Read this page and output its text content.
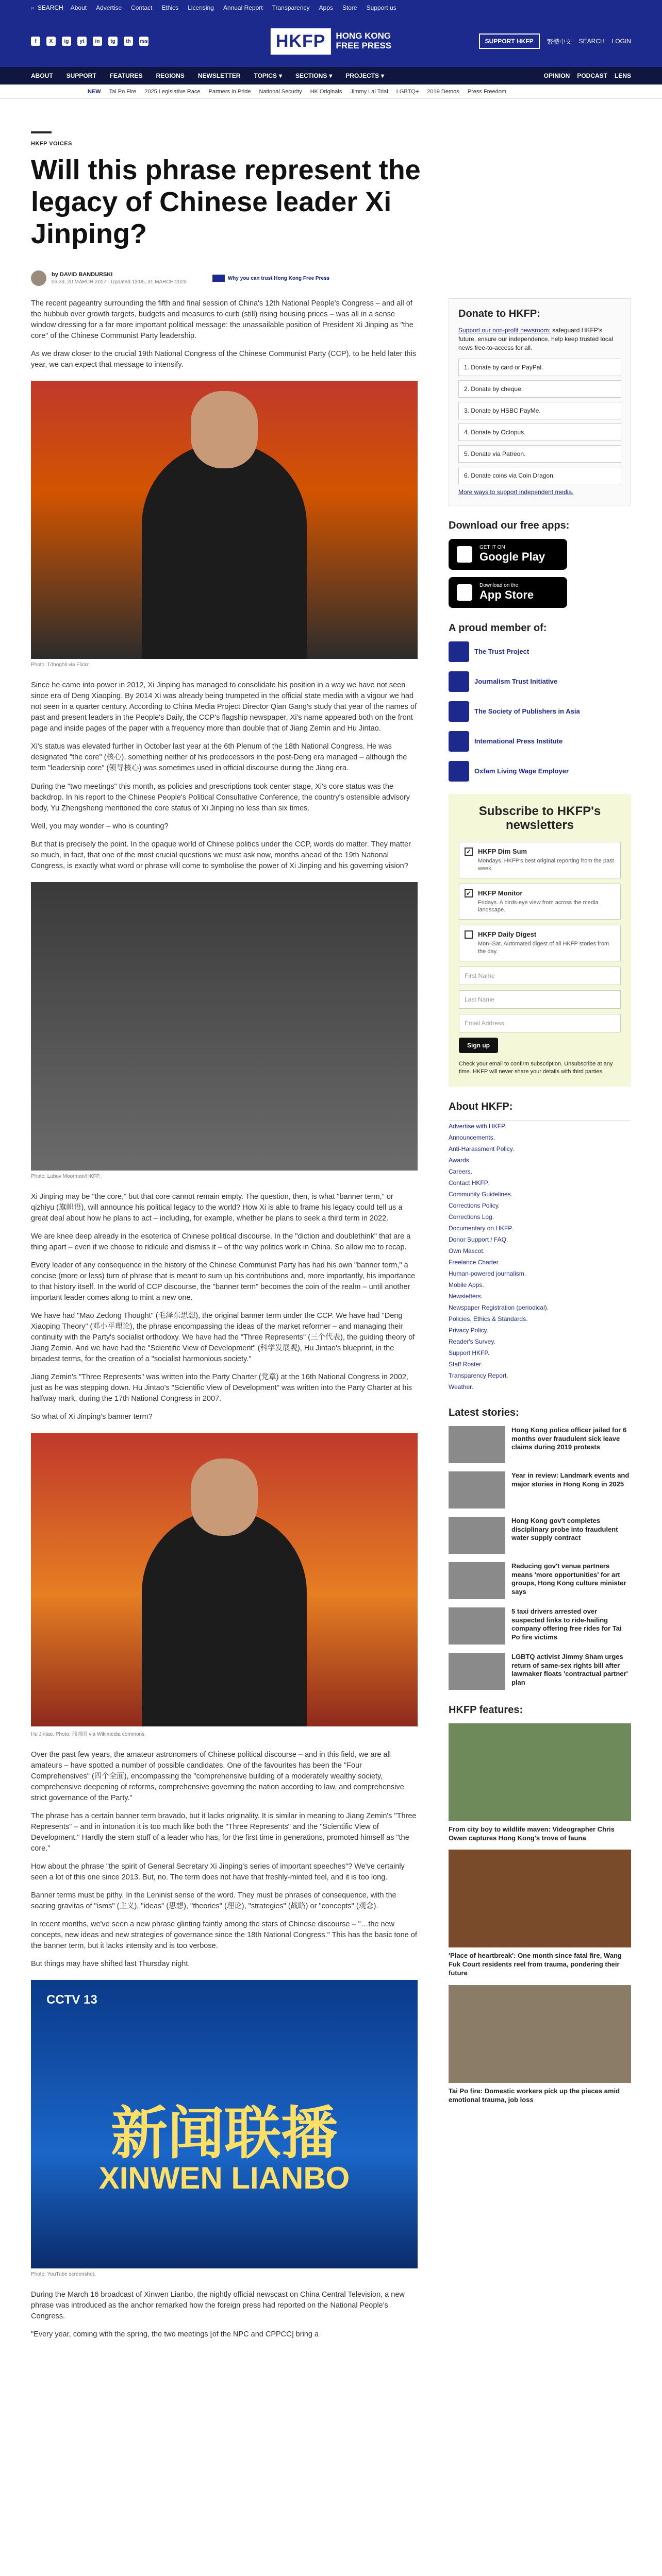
⌕ SEARCH About Advertise Contact Ethics Licensing Annual Report Transparency Apps Store Support us
f	X	ig	yt	in	tg	th	rss	HKFP	HONG KONG
FREE PRESS	SUPPORT HKFP	繁體中文 SEARCH LOGIN
ABOUT SUPPORT FEATURES REGIONS NEWSLETTER TOPICS ▾ SECTIONS ▾ PROJECTS ▾	OPINION PODCAST LENS
NEW Tai Po Fire 2025 Legislative Race Partners in Pride National Security HK Originals Jimmy Lai Trial LGBTQ+ 2019 Demos Press Freedom
HKFP VOICES
Will this phrase represent the legacy of Chinese leader Xi Jinping?
by DAVID BANDURSKI
06:39, 20 MARCH 2017 · Updated 13:05, 31 MARCH 2020
Why you can trust Hong Kong Free Press

The recent pageantry surrounding the fifth and final session of China's 12th National People's Congress – and all of the hubbub over growth targets, budgets and measures to curb (still) rising housing prices – was all in a sense window dressing for a far more important political message: the unassailable position of President Xi Jinping as "the core" of the Chinese Communist Party leadership.

As we draw closer to the crucial 19th National Congress of the Chinese Communist Party (CCP), to be held later this year, we can expect that message to intensify.

Photo: Tdhoghli via Flickr.

Since he came into power in 2012, Xi Jinping has managed to consolidate his position in a way we have not seen since era of Deng Xiaoping. By 2014 Xi was already being trumpeted in the official state media with a vigour we had not seen in a quarter century. According to China Media Project Director Qian Gang's study that year of the names of past and present leaders in the People's Daily, the CCP's flagship newspaper, Xi's name appeared both on the front page and inside pages of the paper with a frequency more than double that of Jiang Zemin and Hu Jintao.

Xi's status was elevated further in October last year at the 6th Plenum of the 18th National Congress. He was designated "the core" (核心), something neither of his predecessors in the post-Deng era managed – although the term "leadership core" (领导核心) was sometimes used in official discourse during the Jiang era.

During the "two meetings" this month, as policies and prescriptions took center stage, Xi's core status was the backdrop. In his report to the Chinese People's Political Consultative Conference, the country's ostensible advisory body, Yu Zhengsheng mentioned the core status of Xi Jinping no less than six times.

Well, you may wonder – who is counting?

But that is precisely the point. In the opaque world of Chinese politics under the CCP, words do matter. They matter so much, in fact, that one of the most crucial questions we must ask now, months ahead of the 19th National Congress, is exactly what word or phrase will come to symbolise the power of Xi Jinping and his governing vision?

Photo: Lubov Moorman/HKFP.

Xi Jinping may be "the core," but that core cannot remain empty. The question, then, is what "banner term," or qizhiyu (旗帜语), will announce his political legacy to the world? How Xi is able to frame his legacy could tell us a great deal about how he plans to act – including, for example, whether he plans to seek a third term in 2022.

We are knee deep already in the esoterica of Chinese political discourse. In the "diction and doublethink" that are a thing apart – even if we choose to ridicule and dismiss it – of the way politics work in China. So allow me to recap.

Every leader of any consequence in the history of the Chinese Communist Party has had his own "banner term," a concise (more or less) turn of phrase that is meant to sum up his contributions and, more importantly, his importance to that history itself. In the world of CCP discourse, the "banner term" becomes the coin of the realm – until another important leader comes along to mint a new one.

We have had "Mao Zedong Thought" (毛泽东思想), the original banner term under the CCP. We have had "Deng Xiaoping Theory" (邓小平理论), the phrase encompassing the ideas of the market reformer – and managing their continuity with the Party's socialist orthodoxy. We have had the "Three Represents" (三个代表), the guiding theory of Jiang Zemin. And we have had the "Scientific View of Development" (科学发展观), Hu Jintao's blueprint, in the broadest terms, for the creation of a "socialist harmonious society."

Jiang Zemin's "Three Represents" was written into the Party Charter (党章) at the 16th National Congress in 2002, just as he was stepping down. Hu Jintao's "Scientific View of Development" was written into the Party Charter at his halfway mark, during the 17th National Congress in 2007.

So what of Xi Jinping's banner term?

Hu Jintao. Photo: 瑞典国 via Wikimedia commons.

Over the past few years, the amateur astronomers of Chinese political discourse – and in this field, we are all amateurs – have spotted a number of possible candidates. One of the favourites has been the "Four Comprehensives" (四个全面), encompassing the "comprehensive building of a moderately wealthy society, comprehensive deepening of reforms, comprehensive governing the nation according to law, and comprehensive strict governance of the Party."

The phrase has a certain banner term bravado, but it lacks originality. It is similar in meaning to Jiang Zemin's "Three Represents" – and in intonation it is too much like both the "Three Represents" and the "Scientific View of Development." Hardly the stern stuff of a leader who has, for the first time in generations, promoted himself as "the core."

How about the phrase "the spirit of General Secretary Xi Jinping's series of important speeches"? We've certainly seen a lot of this one since 2013. But, no. The term does not have that freshly-minted feel, and it is too long.

Banner terms must be pithy. In the Leninist sense of the word. They must be phrases of consequence, with the soaring gravitas of "isms" (主义), "ideas" (思想), "theories" (理论), "strategies" (战略) or "concepts" (观念).

In recent months, we've seen a new phrase glinting faintly among the stars of Chinese discourse – "…the new concepts, new ideas and new strategies of governance since the 18th National Congress." This has the basic tone of the banner term, but it lacks intensity and is too verbose.

But things may have shifted last Thursday night.

CCTV 13
新闻联播
XINWEN LIANBO
Photo: YouTube screenshot.

During the March 16 broadcast of Xinwen Lianbo, the nightly official newscast on China Central Television, a new phrase was introduced as the anchor remarked how the foreign press had reported on the National People's Congress.

"Every year, coming with the spring, the two meetings [of the NPC and CPPCC] bring a

Donate to HKFP:
Support our non-profit newsroom: safeguard HKFP's future, ensure our independence, help keep trusted local news free-to-access for all.
1. Donate by card or PayPal.
2. Donate by cheque.
3. Donate by HSBC PayMe.
4. Donate by Octopus.
5. Donate via Patreon.
6. Donate coins via Coin Dragon.
More ways to support independent media.
Download our free apps:
GET IT ON
Google Play
Download on the
App Store
A proud member of:
The Trust Project
Journalism Trust Initiative
The Society of Publishers in Asia
International Press Institute
Oxfam Living Wage Employer
Subscribe to HKFP's newsletters
✓ HKFP Dim Sum
Mondays. HKFP's best original reporting from the past week.
✓ HKFP Monitor
Fridays. A birds-eye view from across the media landscape.
HKFP Daily Digest
Mon–Sat. Automated digest of all HKFP stories from the day.
First Name
Last Name
Email Address
Sign up
Check your email to confirm subscription. Unsubscribe at any time. HKFP will never share your details with third parties.
About HKFP:
Advertise with HKFP.
Announcements.
Anti-Harassment Policy.
Awards.
Careers.
Contact HKFP.
Community Guidelines.
Corrections Policy.
Corrections Log.
Documentary on HKFP.
Donor Support / FAQ.
Own Mascot.
Freelance Charter.
Human-powered journalism.
Mobile Apps.
Newsletters.
Newspaper Registration (periodical).
Policies, Ethics & Standards.
Privacy Policy.
Reader's Survey.
Support HKFP.
Staff Roster.
Transparency Report.
Weather.
Latest stories:
Hong Kong police officer jailed for 6 months over fraudulent sick leave claims during 2019 protests
Year in review: Landmark events and major stories in Hong Kong in 2025
Hong Kong gov't completes disciplinary probe into fraudulent water supply contract
Reducing gov't venue partners means 'more opportunities' for art groups, Hong Kong culture minister says
5 taxi drivers arrested over suspected links to ride-hailing company offering free rides for Tai Po fire victims
LGBTQ activist Jimmy Sham urges return of same-sex rights bill after lawmaker floats 'contractual partner' plan
HKFP features:
From city boy to wildlife maven: Videographer Chris Owen captures Hong Kong's trove of fauna
'Place of heartbreak': One month since fatal fire, Wang Fuk Court residents reel from trauma, pondering their future
Tai Po fire: Domestic workers pick up the pieces amid emotional trauma, job loss
